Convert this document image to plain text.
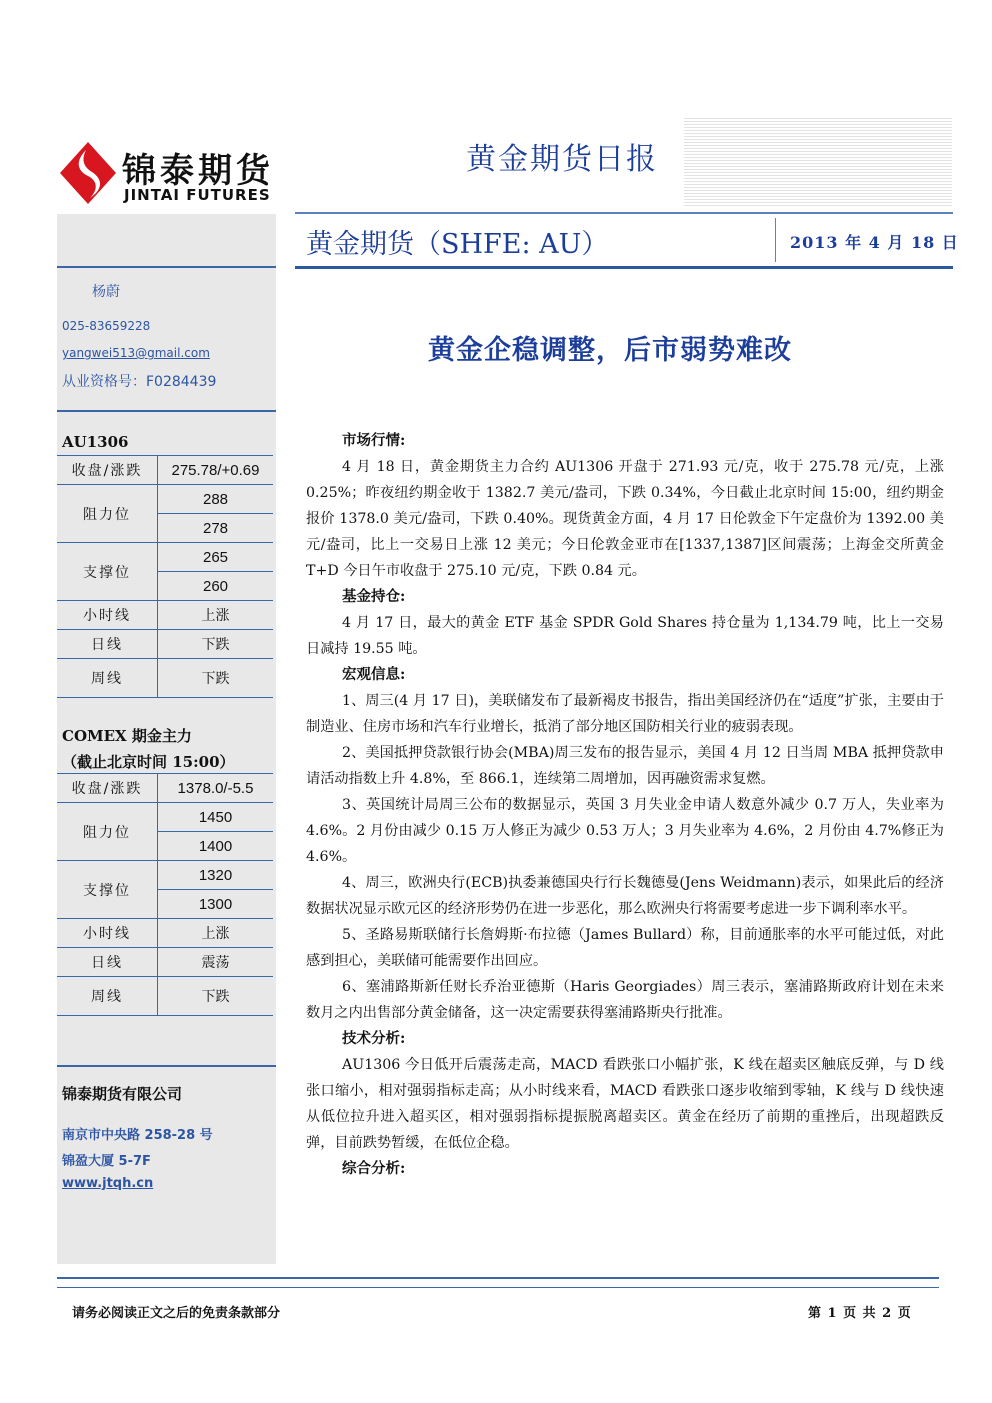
锦泰期货
JINTAI FUTURES
黄金期货日报
黄金期货（SHFE: AU）	2013 年 4 月 18 日
杨蔚
025-83659228
yangwei513@gmail.com
从业资格号：F0284439
AU1306
收盘/涨跌	275.78/+0.69
阻力位	288
	278
支撑位	265
	260
小时线	上涨
日线	下跌
周线	下跌
COMEX 期金主力
（截止北京时间 15:00）
收盘/涨跌	1378.0/-5.5
阻力位	1450
	1400
支撑位	1320
	1300
小时线	上涨
日线	震荡
周线	下跌
锦泰期货有限公司
南京市中央路 258-28 号
锦盈大厦 5-7F
www.jtqh.cn
黄金企稳调整，后市弱势难改
市场行情:

4 月 18 日，黄金期货主力合约 AU1306 开盘于 271.93 元/克，收于 275.78 元/克，上涨 0.25%；昨夜纽约期金收于 1382.7 美元/盎司，下跌 0.34%，今日截止北京时间 15:00，纽约期金报价 1378.0 美元/盎司，下跌 0.40%。现货黄金方面，4 月 17 日伦敦金下午定盘价为 1392.00 美元/盎司，比上一交易日上涨 12 美元；今日伦敦金亚市在[1337,1387]区间震荡；上海金交所黄金 T+D 今日午市收盘于 275.10 元/克，下跌 0.84 元。

基金持仓:

4 月 17 日，最大的黄金 ETF 基金 SPDR Gold Shares 持仓量为 1,134.79 吨，比上一交易日减持 19.55 吨。

宏观信息:

1、周三(4 月 17 日)，美联储发布了最新褐皮书报告，指出美国经济仍在“适度”扩张，主要由于制造业、住房市场和汽车行业增长，抵消了部分地区国防相关行业的疲弱表现。

2、美国抵押贷款银行协会(MBA)周三发布的报告显示，美国 4 月 12 日当周 MBA 抵押贷款申请活动指数上升 4.8%，至 866.1，连续第二周增加，因再融资需求复燃。

3、英国统计局周三公布的数据显示，英国 3 月失业金申请人数意外减少 0.7 万人，失业率为 4.6%。2 月份由减少 0.15 万人修正为减少 0.53 万人；3 月失业率为 4.6%，2 月份由 4.7%修正为 4.6%。

4、周三，欧洲央行(ECB)执委兼德国央行行长魏德曼(Jens Weidmann)表示，如果此后的经济数据状况显示欧元区的经济形势仍在进一步恶化，那么欧洲央行将需要考虑进一步下调利率水平。

5、圣路易斯联储行长詹姆斯·布拉德（James Bullard）称，目前通胀率的水平可能过低，对此感到担心，美联储可能需要作出回应。

6、塞浦路斯新任财长乔治亚德斯（Haris Georgiades）周三表示，塞浦路斯政府计划在未来数月之内出售部分黄金储备，这一决定需要获得塞浦路斯央行批准。

技术分析:

AU1306 今日低开后震荡走高，MACD 看跌张口小幅扩张，K 线在超卖区触底反弹，与 D 线张口缩小，相对强弱指标走高；从小时线来看，MACD 看跌张口逐步收缩到零轴，K 线与 D 线快速从低位拉升进入超买区，相对强弱指标提振脱离超卖区。黄金在经历了前期的重挫后，出现超跌反弹，目前跌势暂缓，在低位企稳。

综合分析:
请务必阅读正文之后的免责条款部分	第 1 页 共 2 页
